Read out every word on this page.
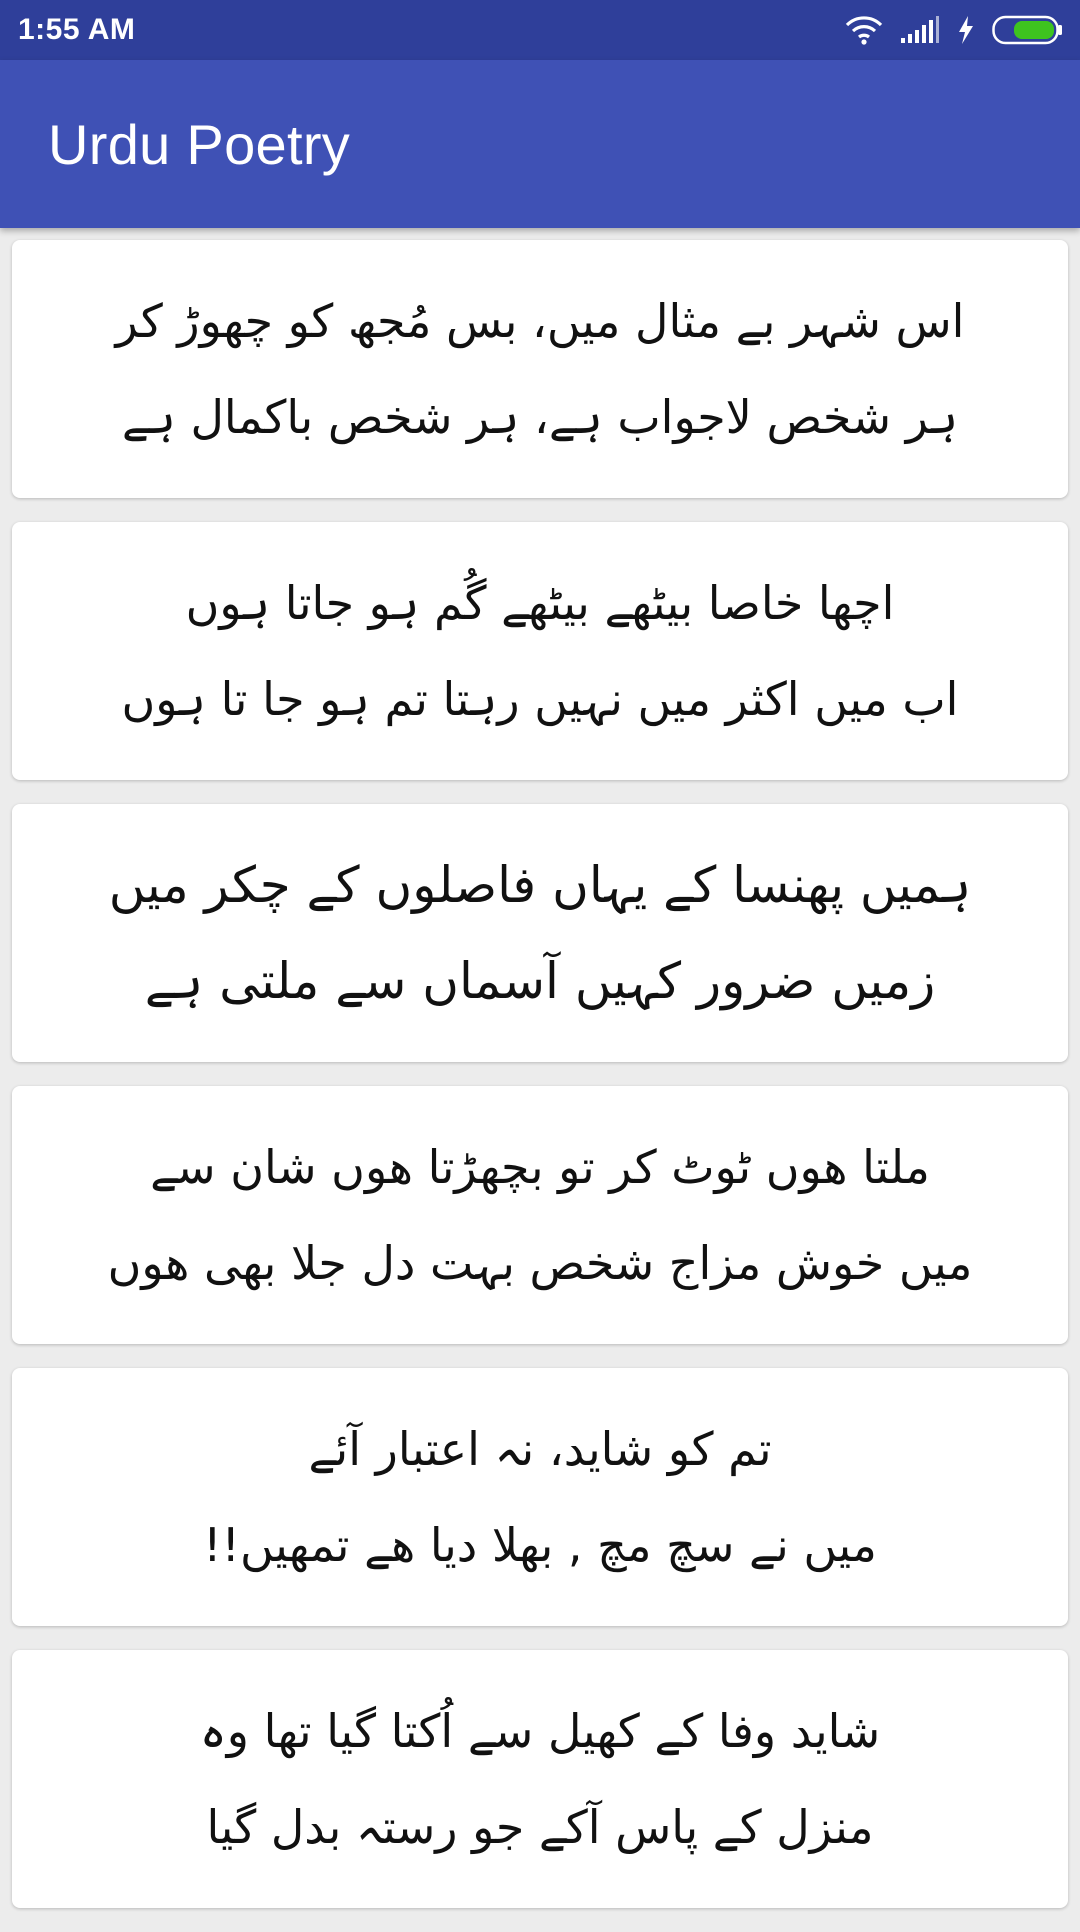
1:55 AM
Urdu Poetry
اس شہر بے مثال میں، بس مُجھ کو چھوڑ کر
ہر شخص لاجواب ہے، ہر شخص باکمال ہے
اچھا خاصا بیٹھے بیٹھے گُم ہو جاتا ہوں
اب میں اکثر میں نہیں رہتا تم ہو جا تا ہوں
ہمیں پھنسا کے یہاں فاصلوں کے چکر میں
زمیں ضرور کہیں آسماں سے ملتی ہے
ملتا ھوں ٹوٹ کر تو بچھڑتا ھوں شان سے
میں خوش مزاج شخص بہت دل جلا بھی ھوں
تم کو شاید، نہ اعتبار آئے
میں نے سچ مچ , بھلا دیا ھے تمھیں!!
شاید وفا کے کھیل سے اُکتا گیا تھا وہ
منزل کے پاس آکے جو رستہ بدل گیا
